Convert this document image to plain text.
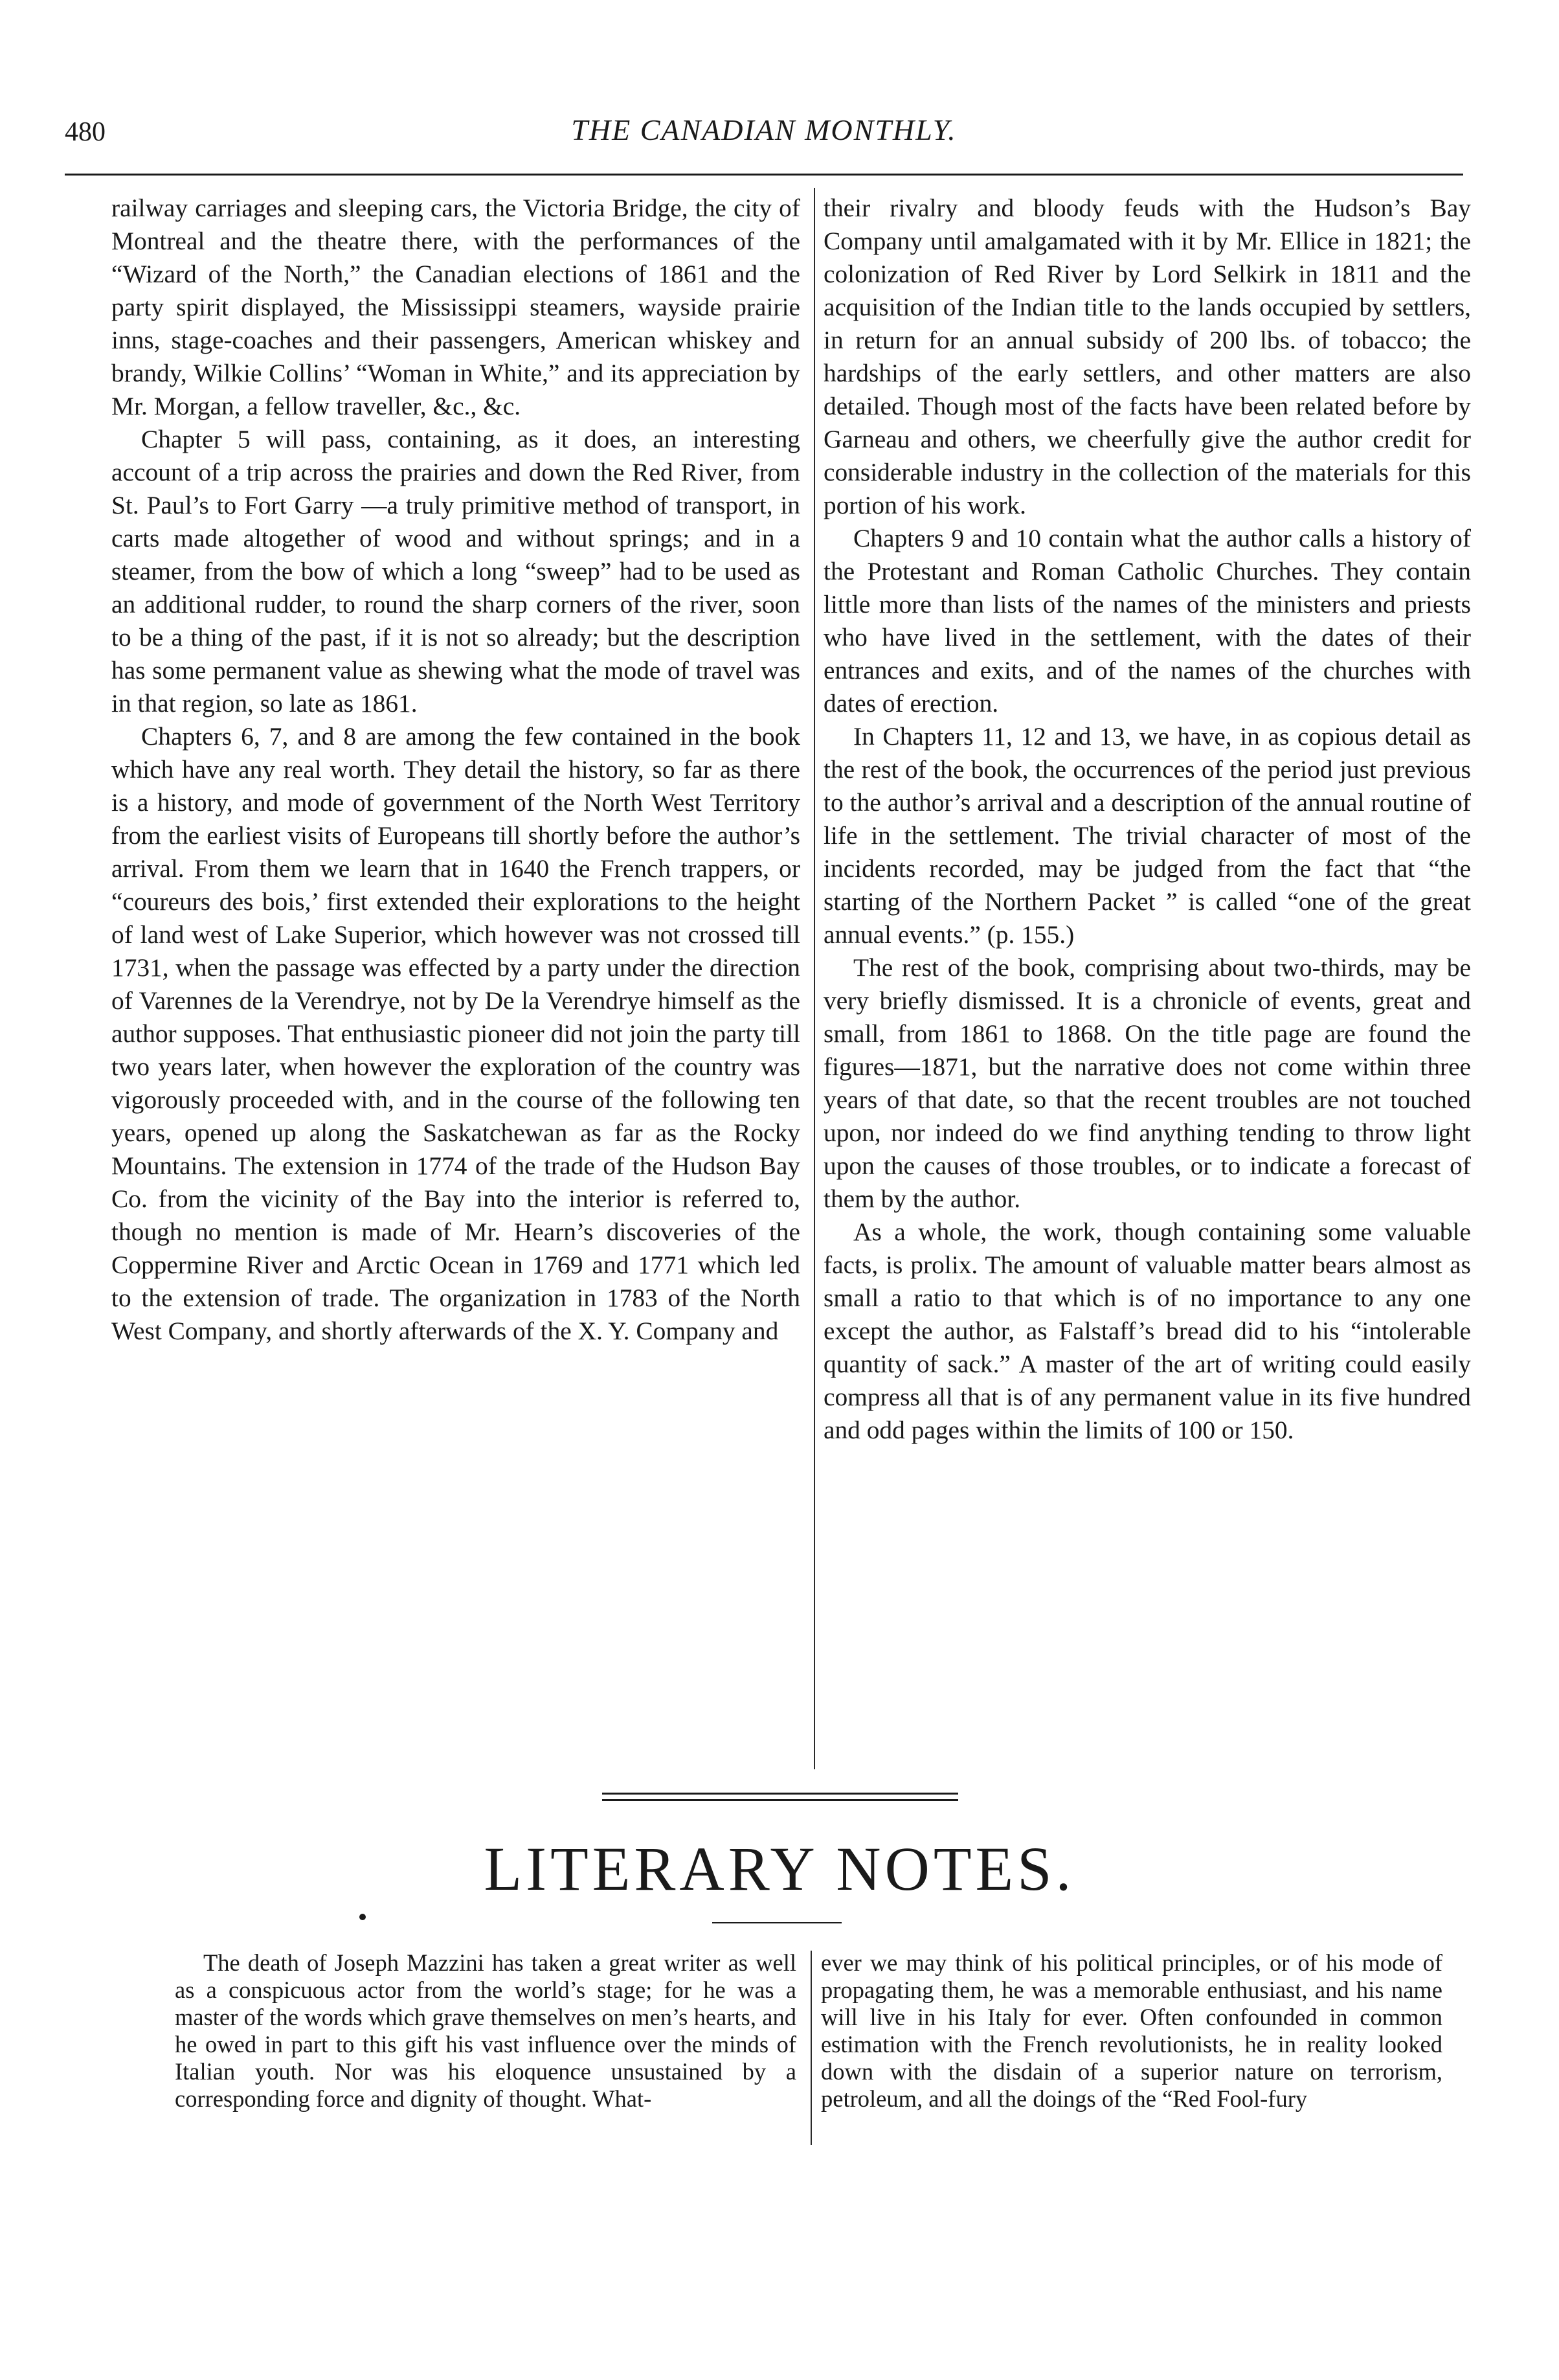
480	THE CANADIAN MONTHLY.

railway carriages and sleeping cars, the Victoria Bridge, the city of Montreal and the theatre there, with the performances of the “Wizard of the North,” the Canadian elections of 1861 and the party spirit displayed, the Mississippi steamers, wayside prairie inns, stage-coaches and their passengers, American whiskey and brandy, Wilkie Collins’ “Woman in White,” and its appreciation by Mr. Morgan, a fellow traveller, &c., &c.

Chapter 5 will pass, containing, as it does, an interesting account of a trip across the prairies and down the Red River, from St. Paul’s to Fort Garry —a truly primitive method of transport, in carts made altogether of wood and without springs; and in a steamer, from the bow of which a long “sweep” had to be used as an additional rudder, to round the sharp corners of the river, soon to be a thing of the past, if it is not so already; but the description has some permanent value as shewing what the mode of travel was in that region, so late as 1861.

Chapters 6, 7, and 8 are among the few contained in the book which have any real worth. They detail the history, so far as there is a history, and mode of government of the North West Territory from the earliest visits of Europeans till shortly before the author’s arrival. From them we learn that in 1640 the French trappers, or “coureurs des bois,’ first extended their explorations to the height of land west of Lake Superior, which however was not crossed till 1731, when the passage was effected by a party under the direction of Varennes de la Verendrye, not by De la Verendrye himself as the author supposes. That enthusiastic pioneer did not join the party till two years later, when however the exploration of the country was vigorously proceeded with, and in the course of the following ten years, opened up along the Saskatchewan as far as the Rocky Mountains. The extension in 1774 of the trade of the Hudson Bay Co. from the vicinity of the Bay into the interior is referred to, though no mention is made of Mr. Hearn’s discoveries of the Coppermine River and Arctic Ocean in 1769 and 1771 which led to the extension of trade. The organization in 1783 of the North West Company, and shortly afterwards of the X. Y. Company and

their rivalry and bloody feuds with the Hudson’s Bay Company until amalgamated with it by Mr. Ellice in 1821; the colonization of Red River by Lord Selkirk in 1811 and the acquisition of the Indian title to the lands occupied by settlers, in return for an annual subsidy of 200 lbs. of tobacco; the hardships of the early settlers, and other matters are also detailed. Though most of the facts have been related before by Garneau and others, we cheerfully give the author credit for considerable industry in the collection of the materials for this portion of his work.

Chapters 9 and 10 contain what the author calls a history of the Protestant and Roman Catholic Churches. They contain little more than lists of the names of the ministers and priests who have lived in the settlement, with the dates of their entrances and exits, and of the names of the churches with dates of erection.

In Chapters 11, 12 and 13, we have, in as copious detail as the rest of the book, the occurrences of the period just previous to the author’s arrival and a description of the annual routine of life in the settlement. The trivial character of most of the incidents recorded, may be judged from the fact that “the starting of the Northern Packet ” is called “one of the great annual events.” (p. 155.)

The rest of the book, comprising about two-thirds, may be very briefly dismissed. It is a chronicle of events, great and small, from 1861 to 1868. On the title page are found the figures—1871, but the narrative does not come within three years of that date, so that the recent troubles are not touched upon, nor indeed do we find anything tending to throw light upon the causes of those troubles, or to indicate a forecast of them by the author.

As a whole, the work, though containing some valuable facts, is prolix. The amount of valuable matter bears almost as small a ratio to that which is of no importance to any one except the author, as Falstaff’s bread did to his “intolerable quantity of sack.” A master of the art of writing could easily compress all that is of any permanent value in its five hundred and odd pages within the limits of 100 or 150.

LITERARY NOTES.

The death of Joseph Mazzini has taken a great writer as well as a conspicuous actor from the world’s stage; for he was a master of the words which grave themselves on men’s hearts, and he owed in part to this gift his vast influence over the minds of Italian youth. Nor was his eloquence unsustained by a corresponding force and dignity of thought. What-

ever we may think of his political principles, or of his mode of propagating them, he was a memorable enthusiast, and his name will live in his Italy for ever. Often confounded in common estimation with the French revolutionists, he in reality looked down with the disdain of a superior nature on terrorism, petroleum, and all the doings of the “Red Fool-fury
